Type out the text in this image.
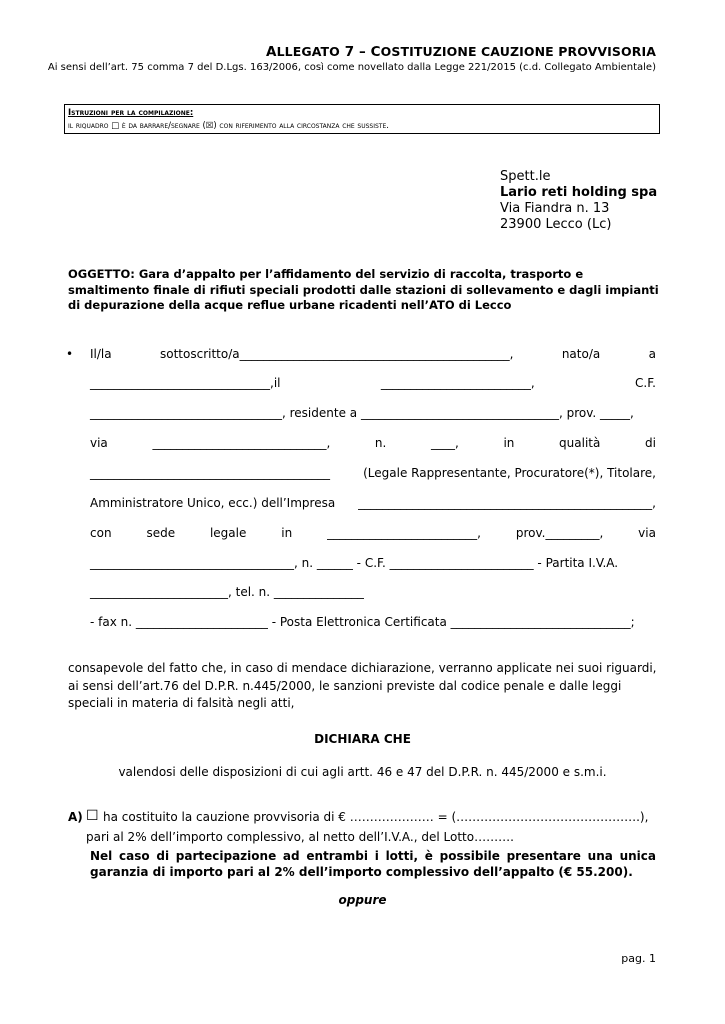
ALLEGATO 7 – COSTITUZIONE CAUZIONE PROVVISORIA
Ai sensi dell’art. 75 comma 7 del D.Lgs. 163/2006, così come novellato dalla Legge 221/2015 (c.d. Collegato Ambientale)
Istruzioni per la compilazione:
il riquadro □ è da barrare/segnare (☒) con riferimento alla circostanza che sussiste.
Spett.le
Lario reti holding spa
Via Fiandra n. 13
23900 Lecco (Lc)
OGGETTO: Gara d’appalto per l’affidamento del servizio di raccolta, trasporto e smaltimento finale di rifiuti speciali prodotti dalle stazioni di sollevamento e dagli impianti di depurazione della acque reflue urbane ricadenti nell’ATO di Lecco
• Il/la	sottoscritto/a_____________________________________________,	nato/a	a
______________________________,il	_________________________,	C.F.
________________________________, residente a _________________________________, prov. _____,
via	_____________________________,	n.	____,	in	qualità	di
________________________________________	(Legale Rappresentante, Procuratore(*), Titolare,
Amministratore Unico, ecc.) dell’Impresa _________________________________________________,
con	sede	legale	in	_________________________,	prov._________,	via
__________________________________, n. ______ - C.F. ________________________ - Partita I.V.A.
_______________________, tel. n. _______________
- fax n. ______________________ - Posta Elettronica Certificata ______________________________;
consapevole del fatto che, in caso di mendace dichiarazione, verranno applicate nei suoi riguardi, ai sensi dell’art.76 del D.P.R. n.445/2000, le sanzioni previste dal codice penale e dalle leggi speciali in materia di falsità negli atti,
DICHIARA CHE
valendosi delle disposizioni di cui agli artt. 46 e 47 del D.P.R. n. 445/2000 e s.m.i.
A) ☐ ha costituito la cauzione provvisoria di € ………………… = (……………………………………….),
pari al 2% dell’importo complessivo, al netto dell’I.V.A., del Lotto……….
Nel caso di partecipazione ad entrambi i lotti, è possibile presentare una unica garanzia di importo pari al 2% dell’importo complessivo dell’appalto (€ 55.200).
oppure
pag. 1
